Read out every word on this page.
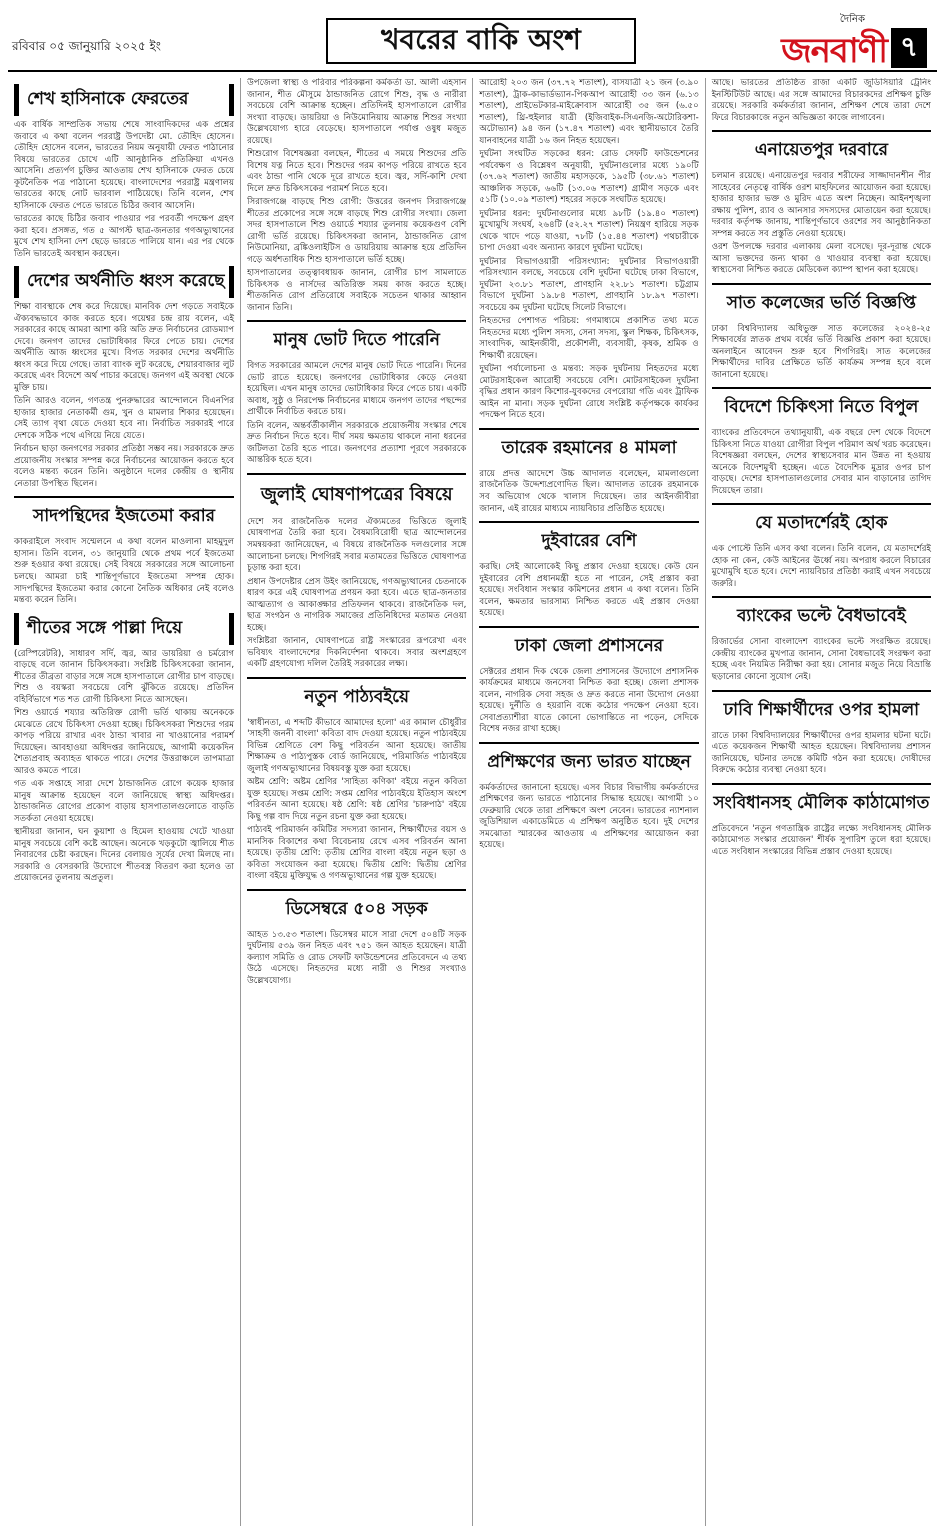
রবিবার ০৫ জানুয়ারি ২০২৫ ইং	খবরের বাকি অংশ
দৈনিক
জনবাণী ৭
শেখ হাসিনাকে ফেরতের

এক বার্ষিক সাম্প্রতিক সভায় শেষে সাংবাদিকদের এক প্রশ্নের জবাবে এ কথা বলেন পররাষ্ট্র উপদেষ্টা মো. তৌহিদ হোসেন। তৌহিদ হোসেন বলেন, ভারতের নিয়ম অনুযায়ী ফেরত পাঠানোর বিষয়ে ভারতের চোখে এটি আনুষ্ঠানিক প্রতিক্রিয়া এখনও আসেনি। প্রত্যর্পণ চুক্তির আওতায় শেখ হাসিনাকে ফেরত চেয়ে কূটনৈতিক পত্র পাঠানো হয়েছে। বাংলাদেশের পররাষ্ট্র মন্ত্রণালয় ভারতের কাছে নোট ভারবাল পাঠিয়েছে। তিনি বলেন, শেখ হাসিনাকে ফেরত পেতে ভারতে চিঠির জবাব আসেনি।

ভারতের কাছে চিঠির জবাব পাওয়ার পর পরবর্তী পদক্ষেপ গ্রহণ করা হবে। প্রসঙ্গত, গত ৫ আগস্ট ছাত্র-জনতার গণঅভ্যুত্থানের মুখে শেখ হাসিনা দেশ ছেড়ে ভারতে পালিয়ে যান। এর পর থেকে তিনি ভারতেই অবস্থান করছেন।

দেশের অর্থনীতি ধ্বংস করেছে

শিক্ষা বাবস্থাকে শেষ করে দিয়েছে। মানবিক দেশ গড়তে সবাইকে ঐক্যবদ্ধভাবে কাজ করতে হবে। গয়েশ্বর চন্দ্র রায় বলেন, এই সরকারের কাছে আমরা আশা করি অতি দ্রুত নির্বাচনের রোডম্যাপ দেবে। জনগণ তাদের ভোটাধিকার ফিরে পেতে চায়। দেশের অর্থনীতি আজ ধ্বংসের মুখে। বিগত সরকার দেশের অর্থনীতি ধ্বংস করে দিয়ে গেছে। তারা ব্যাংক লুট করেছে, শেয়ারবাজার লুট করেছে এবং বিদেশে অর্থ পাচার করেছে। জনগণ এই অবস্থা থেকে মুক্তি চায়।

তিনি আরও বলেন, গণতন্ত্র পুনরুদ্ধারের আন্দোলনে বিএনপির হাজার হাজার নেতাকর্মী গুম, খুন ও মামলার শিকার হয়েছেন। সেই ত্যাগ বৃথা যেতে দেওয়া হবে না। নির্বাচিত সরকারই পারে দেশকে সঠিক পথে এগিয়ে নিয়ে যেতে।

নির্বাচন ছাড়া জনগণের সরকার প্রতিষ্ঠা সম্ভব নয়। সরকারকে দ্রুত প্রয়োজনীয় সংস্কার সম্পন্ন করে নির্বাচনের আয়োজন করতে হবে বলেও মন্তব্য করেন তিনি। অনুষ্ঠানে দলের কেন্দ্রীয় ও স্থানীয় নেতারা উপস্থিত ছিলেন।

সাদপন্থিদের ইজতেমা করার

কাকরাইলে সংবাদ সম্মেলনে এ কথা বলেন মাওলানা মাহমুদুল হাসান। তিনি বলেন, ৩১ জানুয়ারি থেকে প্রথম পর্বে ইজতেমা শুরু হওয়ার কথা রয়েছে। সেই বিষয়ে সরকারের সঙ্গে আলোচনা চলছে। আমরা চাই শান্তিপূর্ণভাবে ইজতেমা সম্পন্ন হোক। সাদপন্থিদের ইজতেমা করার কোনো নৈতিক অধিকার নেই বলেও মন্তব্য করেন তিনি।

শীতের সঙ্গে পাল্লা দিয়ে

(রেস্পিরেটরি), সাধারণ সর্দি, জ্বর, আর ডায়রিয়া ও চর্মরোগ বাড়ছে বলে জানান চিকিৎসকরা। সংশ্লিষ্ট চিকিৎসকেরা জানান, শীতের তীব্রতা বাড়ার সঙ্গে সঙ্গে হাসপাতালে রোগীর চাপ বাড়ছে। শিশু ও বয়স্করা সবচেয়ে বেশি ঝুঁকিতে রয়েছে। প্রতিদিন বহির্বিভাগে শত শত রোগী চিকিৎসা নিতে আসছেন।

শিশু ওয়ার্ডে শয্যার অতিরিক্ত রোগী ভর্তি থাকায় অনেককে মেঝেতে রেখে চিকিৎসা দেওয়া হচ্ছে। চিকিৎসকরা শিশুদের গরম কাপড় পরিয়ে রাখার এবং ঠান্ডা খাবার না খাওয়ানোর পরামর্শ দিয়েছেন। আবহাওয়া অধিদপ্তর জানিয়েছে, আগামী কয়েকদিন শৈত্যপ্রবাহ অব্যাহত থাকতে পারে। দেশের উত্তরাঞ্চলে তাপমাত্রা আরও কমতে পারে।

গত এক সপ্তাহে সারা দেশে ঠান্ডাজনিত রোগে কয়েক হাজার মানুষ আক্রান্ত হয়েছেন বলে জানিয়েছে স্বাস্থ্য অধিদপ্তর। ঠান্ডাজনিত রোগের প্রকোপ বাড়ায় হাসপাতালগুলোতে বাড়তি সতর্কতা নেওয়া হয়েছে।

স্থানীয়রা জানান, ঘন কুয়াশা ও হিমেল হাওয়ায় খেটে খাওয়া মানুষ সবচেয়ে বেশি কষ্টে আছেন। অনেকে খড়কুটো জ্বালিয়ে শীত নিবারণের চেষ্টা করছেন। দিনের বেলায়ও সূর্যের দেখা মিলছে না। সরকারি ও বেসরকারি উদ্যোগে শীতবস্ত্র বিতরণ করা হলেও তা প্রয়োজনের তুলনায় অপ্রতুল।

উপজেলা স্বাস্থ্য ও পরিবার পরিকল্পনা কর্মকর্তা ডা. আলী এহসান জানান, শীত মৌসুমে ঠান্ডাজনিত রোগে শিশু, বৃদ্ধ ও নারীরা সবচেয়ে বেশি আক্রান্ত হচ্ছেন। প্রতিদিনই হাসপাতালে রোগীর সংখ্যা বাড়ছে। ডায়রিয়া ও নিউমোনিয়ায় আক্রান্ত শিশুর সংখ্যা উল্লেখযোগ্য হারে বেড়েছে। হাসপাতালে পর্যাপ্ত ওষুধ মজুত রয়েছে।

শিশুরোগ বিশেষজ্ঞরা বলছেন, শীতের এ সময়ে শিশুদের প্রতি বিশেষ যত্ন নিতে হবে। শিশুদের গরম কাপড় পরিয়ে রাখতে হবে এবং ঠান্ডা পানি থেকে দূরে রাখতে হবে। জ্বর, সর্দি-কাশি দেখা দিলে দ্রুত চিকিৎসকের পরামর্শ নিতে হবে।

সিরাজগঞ্জে বাড়ছে শিশু রোগী: উত্তরের জনপদ সিরাজগঞ্জে শীতের প্রকোপের সঙ্গে সঙ্গে বাড়ছে শিশু রোগীর সংখ্যা। জেলা সদর হাসপাতালে শিশু ওয়ার্ডে শয্যার তুলনায় কয়েকগুণ বেশি রোগী ভর্তি রয়েছে। চিকিৎসকরা জানান, ঠান্ডাজনিত রোগ নিউমোনিয়া, ব্রঙ্কিওলাইটিস ও ডায়রিয়ায় আক্রান্ত হয়ে প্রতিদিন গড়ে অর্ধশতাধিক শিশু হাসপাতালে ভর্তি হচ্ছে।

হাসপাতালের তত্ত্বাবধায়ক জানান, রোগীর চাপ সামলাতে চিকিৎসক ও নার্সদের অতিরিক্ত সময় কাজ করতে হচ্ছে। শীতজনিত রোগ প্রতিরোধে সবাইকে সচেতন থাকার আহ্বান জানান তিনি।

মানুষ ভোট দিতে পারেনি

বিগত সরকারের আমলে দেশের মানুষ ভোট দিতে পারেনি। দিনের ভোট রাতে হয়েছে। জনগণের ভোটাধিকার কেড়ে নেওয়া হয়েছিল। এখন মানুষ তাদের ভোটাধিকার ফিরে পেতে চায়। একটি অবাধ, সুষ্ঠু ও নিরপেক্ষ নির্বাচনের মাধ্যমে জনগণ তাদের পছন্দের প্রার্থীকে নির্বাচিত করতে চায়।

তিনি বলেন, অন্তর্বর্তীকালীন সরকারকে প্রয়োজনীয় সংস্কার শেষে দ্রুত নির্বাচন দিতে হবে। দীর্ঘ সময় ক্ষমতায় থাকলে নানা ধরনের জটিলতা তৈরি হতে পারে। জনগণের প্রত্যাশা পূরণে সরকারকে আন্তরিক হতে হবে।

জুলাই ঘোষণাপত্রের বিষয়ে

দেশে সব রাজনৈতিক দলের ঐক্যমতের ভিত্তিতে জুলাই ঘোষণাপত্র তৈরি করা হবে। বৈষম্যবিরোধী ছাত্র আন্দোলনের সমন্বয়করা জানিয়েছেন, এ বিষয়ে রাজনৈতিক দলগুলোর সঙ্গে আলোচনা চলছে। শিগগিরই সবার মতামতের ভিত্তিতে ঘোষণাপত্র চূড়ান্ত করা হবে।

প্রধান উপদেষ্টার প্রেস উইং জানিয়েছে, গণঅভ্যুত্থানের চেতনাকে ধারণ করে এই ঘোষণাপত্র প্রণয়ন করা হবে। এতে ছাত্র-জনতার আত্মত্যাগ ও আকাঙ্ক্ষার প্রতিফলন থাকবে। রাজনৈতিক দল, ছাত্র সংগঠন ও নাগরিক সমাজের প্রতিনিধিদের মতামত নেওয়া হচ্ছে।

সংশ্লিষ্টরা জানান, ঘোষণাপত্রে রাষ্ট্র সংস্কারের রূপরেখা এবং ভবিষ্যৎ বাংলাদেশের দিকনির্দেশনা থাকবে। সবার অংশগ্রহণে একটি গ্রহণযোগ্য দলিল তৈরিই সরকারের লক্ষ্য।

নতুন পাঠ্যবইয়ে

'স্বাধীনতা, এ শব্দটি কীভাবে আমাদের হলো' এর কামাল চৌধুরীর 'সাহসী জননী বাংলা' কবিতা বাদ দেওয়া হয়েছে। নতুন পাঠ্যবইয়ে বিভিন্ন শ্রেণিতে বেশ কিছু পরিবর্তন আনা হয়েছে। জাতীয় শিক্ষাক্রম ও পাঠ্যপুস্তক বোর্ড জানিয়েছে, পরিমার্জিত পাঠ্যবইয়ে জুলাই গণঅভ্যুত্থানের বিষয়বস্তু যুক্ত করা হয়েছে।

অষ্টম শ্রেণি: অষ্টম শ্রেণির 'সাহিত্য কণিকা' বইয়ে নতুন কবিতা যুক্ত হয়েছে। সপ্তম শ্রেণি: সপ্তম শ্রেণির পাঠ্যবইয়ে ইতিহাস অংশে পরিবর্তন আনা হয়েছে। ষষ্ঠ শ্রেণি: ষষ্ঠ শ্রেণির 'চারুপাঠ' বইয়ে কিছু গল্প বাদ দিয়ে নতুন রচনা যুক্ত করা হয়েছে।

পাঠ্যবই পরিমার্জন কমিটির সদস্যরা জানান, শিক্ষার্থীদের বয়স ও মানসিক বিকাশের কথা বিবেচনায় রেখে এসব পরিবর্তন আনা হয়েছে। তৃতীয় শ্রেণি: তৃতীয় শ্রেণির বাংলা বইয়ে নতুন ছড়া ও কবিতা সংযোজন করা হয়েছে। দ্বিতীয় শ্রেণি: দ্বিতীয় শ্রেণির বাংলা বইয়ে মুক্তিযুদ্ধ ও গণঅভ্যুত্থানের গল্প যুক্ত হয়েছে।

ডিসেম্বরে ৫০৪ সড়ক

আহত ১৩.৫৩ শতাংশ। ডিসেম্বর মাসে সারা দেশে ৫০৪টি সড়ক দুর্ঘটনায় ৫৩৯ জন নিহত এবং ৭৫১ জন আহত হয়েছেন। যাত্রী কল্যাণ সমিতি ও রোড সেফটি ফাউন্ডেশনের প্রতিবেদনে এ তথ্য উঠে এসেছে। নিহতদের মধ্যে নারী ও শিশুর সংখ্যাও উল্লেখযোগ্য।

আরোহী ২০৩ জন (৩৭.৭২ শতাংশ), বাসযাত্রী ২১ জন (৩.৯০ শতাংশ), ট্রাক-কাভার্ডভ্যান-পিকআপ আরোহী ৩৩ জন (৬.১৩ শতাংশ), প্রাইভেটকার-মাইক্রোবাস আরোহী ৩৫ জন (৬.৫০ শতাংশ), থ্রি-হুইলার যাত্রী (ইজিবাইক-সিএনজি-অটোরিকশা-অটোভ্যান) ৯৪ জন (১৭.৪৭ শতাংশ) এবং স্থানীয়ভাবে তৈরি যানবাহনের যাত্রী ১৬ জন নিহত হয়েছেন।

দুর্ঘটনা সংঘটিত সড়কের ধরন: রোড সেফটি ফাউন্ডেশনের পর্যবেক্ষণ ও বিশ্লেষণ অনুযায়ী, দুর্ঘটনাগুলোর মধ্যে ১৯০টি (৩৭.৬২ শতাংশ) জাতীয় মহাসড়কে, ১৯৫টি (৩৮.৬১ শতাংশ) আঞ্চলিক সড়কে, ৬৬টি (১৩.০৬ শতাংশ) গ্রামীণ সড়কে এবং ৫১টি (১০.০৯ শতাংশ) শহরের সড়কে সংঘটিত হয়েছে।

দুর্ঘটনার ধরন: দুর্ঘটনাগুলোর মধ্যে ৯৮টি (১৯.৪০ শতাংশ) মুখোমুখি সংঘর্ষ, ২৬৪টি (৫২.২৭ শতাংশ) নিয়ন্ত্রণ হারিয়ে সড়ক থেকে খাদে পড়ে যাওয়া, ৭৮টি (১৫.৪৪ শতাংশ) পথচারীকে চাপা দেওয়া এবং অন্যান্য কারণে দুর্ঘটনা ঘটেছে।

দুর্ঘটনার বিভাগওয়ারী পরিসংখ্যান: দুর্ঘটনার বিভাগওয়ারী পরিসংখ্যান বলছে, সবচেয়ে বেশি দুর্ঘটনা ঘটেছে ঢাকা বিভাগে, দুর্ঘটনা ২৩.৮১ শতাংশ, প্রাণহানি ২২.৮১ শতাংশ। চট্টগ্রাম বিভাগে দুর্ঘটনা ১৯.৮৪ শতাংশ, প্রাণহানি ১৮.৯৭ শতাংশ। সবচেয়ে কম দুর্ঘটনা ঘটেছে সিলেট বিভাগে।

নিহতদের পেশাগত পরিচয়: গণমাধ্যমে প্রকাশিত তথ্য মতে নিহতদের মধ্যে পুলিশ সদস্য, সেনা সদস্য, স্কুল শিক্ষক, চিকিৎসক, সাংবাদিক, আইনজীবী, প্রকৌশলী, ব্যবসায়ী, কৃষক, শ্রমিক ও শিক্ষার্থী রয়েছেন।

দুর্ঘটনা পর্যালোচনা ও মন্তব্য: সড়ক দুর্ঘটনায় নিহতদের মধ্যে মোটরসাইকেল আরোহী সবচেয়ে বেশি। মোটরসাইকেল দুর্ঘটনা বৃদ্ধির প্রধান কারণ কিশোর-যুবকদের বেপরোয়া গতি এবং ট্রাফিক আইন না মানা। সড়ক দুর্ঘটনা রোধে সংশ্লিষ্ট কর্তৃপক্ষকে কার্যকর পদক্ষেপ নিতে হবে।

তারেক রহমানের ৪ মামলা

রায়ে প্রদত্ত আদেশে উচ্চ আদালত বলেছেন, মামলাগুলো রাজনৈতিক উদ্দেশ্যপ্রণোদিত ছিল। আদালত তারেক রহমানকে সব অভিযোগ থেকে খালাস দিয়েছেন। তার আইনজীবীরা জানান, এই রায়ের মাধ্যমে ন্যায়বিচার প্রতিষ্ঠিত হয়েছে।

দুইবারের বেশি

করছি। সেই আলোকেই কিছু প্রস্তাব দেওয়া হয়েছে। কেউ যেন দুইবারের বেশি প্রধানমন্ত্রী হতে না পারেন, সেই প্রস্তাব করা হয়েছে। সংবিধান সংস্কার কমিশনের প্রধান এ কথা বলেন। তিনি বলেন, ক্ষমতার ভারসাম্য নিশ্চিত করতে এই প্রস্তাব দেওয়া হয়েছে।

ঢাকা জেলা প্রশাসনের

সেক্টরের প্রধান দিক থেকে জেলা প্রশাসনের উদ্যোগে প্রশাসনিক কার্যক্রমের মাধ্যমে জনসেবা নিশ্চিত করা হচ্ছে। জেলা প্রশাসক বলেন, নাগরিক সেবা সহজ ও দ্রুত করতে নানা উদ্যোগ নেওয়া হয়েছে। দুর্নীতি ও হয়রানি বন্ধে কঠোর পদক্ষেপ নেওয়া হবে। সেবাপ্রত্যাশীরা যাতে কোনো ভোগান্তিতে না পড়েন, সেদিকে বিশেষ নজর রাখা হচ্ছে।

প্রশিক্ষণের জন্য ভারত যাচ্ছেন

কর্মকর্তাদের জানানো হয়েছে। এসব বিচার বিভাগীয় কর্মকর্তাদের প্রশিক্ষণের জন্য ভারতে পাঠানোর সিদ্ধান্ত হয়েছে। আগামী ১০ ফেব্রুয়ারি থেকে তারা প্রশিক্ষণে অংশ নেবেন। ভারতের ন্যাশনাল জুডিশিয়াল একাডেমিতে এ প্রশিক্ষণ অনুষ্ঠিত হবে। দুই দেশের সমঝোতা স্মারকের আওতায় এ প্রশিক্ষণের আয়োজন করা হয়েছে।

আছে। ভারতের প্রতিষ্ঠিত রাজা একটি জুডিসিয়ারি ট্রেনিং ইনস্টিটিউট আছে। এর সঙ্গে আমাদের বিচারকদের প্রশিক্ষণ চুক্তি রয়েছে। সরকারি কর্মকর্তারা জানান, প্রশিক্ষণ শেষে তারা দেশে ফিরে বিচারকাজে নতুন অভিজ্ঞতা কাজে লাগাবেন।

এনায়েতপুর দরবারে

চলমান রয়েছে। এনায়েতপুর দরবার শরীফের সাজ্জাদানশীন পীর সাহেবের নেতৃত্বে বার্ষিক ওরশ মাহফিলের আয়োজন করা হয়েছে। হাজার হাজার ভক্ত ও মুরিদ এতে অংশ নিচ্ছেন। আইনশৃঙ্খলা রক্ষায় পুলিশ, র‍্যাব ও আনসার সদস্যদের মোতায়েন করা হয়েছে। দরবার কর্তৃপক্ষ জানায়, শান্তিপূর্ণভাবে ওরশের সব আনুষ্ঠানিকতা সম্পন্ন করতে সব প্রস্তুতি নেওয়া হয়েছে।

ওরশ উপলক্ষে দরবার এলাকায় মেলা বসেছে। দূর-দূরান্ত থেকে আসা ভক্তদের জন্য থাকা ও খাওয়ার ব্যবস্থা করা হয়েছে। স্বাস্থ্যসেবা নিশ্চিত করতে মেডিকেল ক্যাম্প স্থাপন করা হয়েছে।

সাত কলেজের ভর্তি বিজ্ঞপ্তি

ঢাকা বিশ্ববিদ্যালয় অধিভুক্ত সাত কলেজের ২০২৪-২৫ শিক্ষাবর্ষের স্নাতক প্রথম বর্ষের ভর্তি বিজ্ঞপ্তি প্রকাশ করা হয়েছে। অনলাইনে আবেদন শুরু হবে শিগগিরই। সাত কলেজের শিক্ষার্থীদের দাবির প্রেক্ষিতে ভর্তি কার্যক্রম সম্পন্ন হবে বলে জানানো হয়েছে।

বিদেশে চিকিৎসা নিতে বিপুল

ব্যাংকের প্রতিবেদনে তথ্যানুযায়ী, এক বছরে দেশ থেকে বিদেশে চিকিৎসা নিতে যাওয়া রোগীরা বিপুল পরিমাণ অর্থ খরচ করেছেন। বিশেষজ্ঞরা বলছেন, দেশের স্বাস্থ্যসেবার মান উন্নত না হওয়ায় অনেকে বিদেশমুখী হচ্ছেন। এতে বৈদেশিক মুদ্রার ওপর চাপ বাড়ছে। দেশের হাসপাতালগুলোর সেবার মান বাড়ানোর তাগিদ দিয়েছেন তারা।

যে মতাদর্শেরই হোক

এক পোস্টে তিনি এসব কথা বলেন। তিনি বলেন, যে মতাদর্শেরই হোক না কেন, কেউ আইনের ঊর্ধ্বে নয়। অপরাধ করলে বিচারের মুখোমুখি হতে হবে। দেশে ন্যায়বিচার প্রতিষ্ঠা করাই এখন সবচেয়ে জরুরি।

ব্যাংকের ভল্টে বৈধভাবেই

রিজার্ভের সোনা বাংলাদেশ ব্যাংকের ভল্টে সংরক্ষিত রয়েছে। কেন্দ্রীয় ব্যাংকের মুখপাত্র জানান, সোনা বৈধভাবেই সংরক্ষণ করা হচ্ছে এবং নিয়মিত নিরীক্ষা করা হয়। সোনার মজুত নিয়ে বিভ্রান্তি ছড়ানোর কোনো সুযোগ নেই।

ঢাবি শিক্ষার্থীদের ওপর হামলা

রাতে ঢাকা বিশ্ববিদ্যালয়ের শিক্ষার্থীদের ওপর হামলার ঘটনা ঘটে। এতে কয়েকজন শিক্ষার্থী আহত হয়েছেন। বিশ্ববিদ্যালয় প্রশাসন জানিয়েছে, ঘটনার তদন্তে কমিটি গঠন করা হয়েছে। দোষীদের বিরুদ্ধে কঠোর ব্যবস্থা নেওয়া হবে।

সংবিধানসহ মৌলিক কাঠামোগত

প্রতিবেদনে 'নতুন গণতান্ত্রিক রাষ্ট্রের লক্ষ্যে সংবিধানসহ মৌলিক কাঠামোগত সংস্কার প্রয়োজন' শীর্ষক সুপারিশ তুলে ধরা হয়েছে। এতে সংবিধান সংস্কারের বিভিন্ন প্রস্তাব দেওয়া হয়েছে।
